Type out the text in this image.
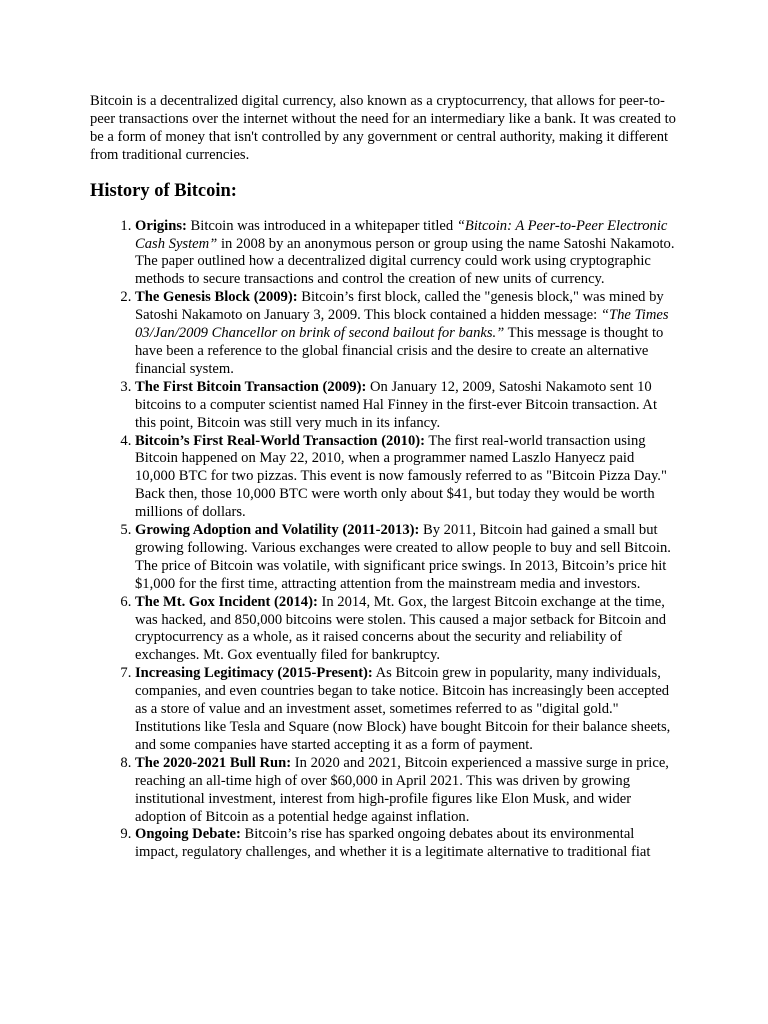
Bitcoin is a decentralized digital currency, also known as a cryptocurrency, that allows for peer-to-peer transactions over the internet without the need for an intermediary like a bank. It was created to be a form of money that isn't controlled by any government or central authority, making it different from traditional currencies.

History of Bitcoin:
1. Origins: Bitcoin was introduced in a whitepaper titled “Bitcoin: A Peer-to-Peer Electronic Cash System” in 2008 by an anonymous person or group using the name Satoshi Nakamoto. The paper outlined how a decentralized digital currency could work using cryptographic methods to secure transactions and control the creation of new units of currency.
2. The Genesis Block (2009): Bitcoin’s first block, called the "genesis block," was mined by Satoshi Nakamoto on January 3, 2009. This block contained a hidden message: “The Times 03/Jan/2009 Chancellor on brink of second bailout for banks.” This message is thought to have been a reference to the global financial crisis and the desire to create an alternative financial system.
3. The First Bitcoin Transaction (2009): On January 12, 2009, Satoshi Nakamoto sent 10 bitcoins to a computer scientist named Hal Finney in the first-ever Bitcoin transaction. At this point, Bitcoin was still very much in its infancy.
4. Bitcoin’s First Real-World Transaction (2010): The first real-world transaction using Bitcoin happened on May 22, 2010, when a programmer named Laszlo Hanyecz paid 10,000 BTC for two pizzas. This event is now famously referred to as "Bitcoin Pizza Day." Back then, those 10,000 BTC were worth only about $41, but today they would be worth millions of dollars.
5. Growing Adoption and Volatility (2011-2013): By 2011, Bitcoin had gained a small but growing following. Various exchanges were created to allow people to buy and sell Bitcoin. The price of Bitcoin was volatile, with significant price swings. In 2013, Bitcoin’s price hit $1,000 for the first time, attracting attention from the mainstream media and investors.
6. The Mt. Gox Incident (2014): In 2014, Mt. Gox, the largest Bitcoin exchange at the time, was hacked, and 850,000 bitcoins were stolen. This caused a major setback for Bitcoin and cryptocurrency as a whole, as it raised concerns about the security and reliability of exchanges. Mt. Gox eventually filed for bankruptcy.
7. Increasing Legitimacy (2015-Present): As Bitcoin grew in popularity, many individuals, companies, and even countries began to take notice. Bitcoin has increasingly been accepted as a store of value and an investment asset, sometimes referred to as "digital gold." Institutions like Tesla and Square (now Block) have bought Bitcoin for their balance sheets, and some companies have started accepting it as a form of payment.
8. The 2020-2021 Bull Run: In 2020 and 2021, Bitcoin experienced a massive surge in price, reaching an all-time high of over $60,000 in April 2021. This was driven by growing institutional investment, interest from high-profile figures like Elon Musk, and wider adoption of Bitcoin as a potential hedge against inflation.
9. Ongoing Debate: Bitcoin’s rise has sparked ongoing debates about its environmental impact, regulatory challenges, and whether it is a legitimate alternative to traditional fiat
